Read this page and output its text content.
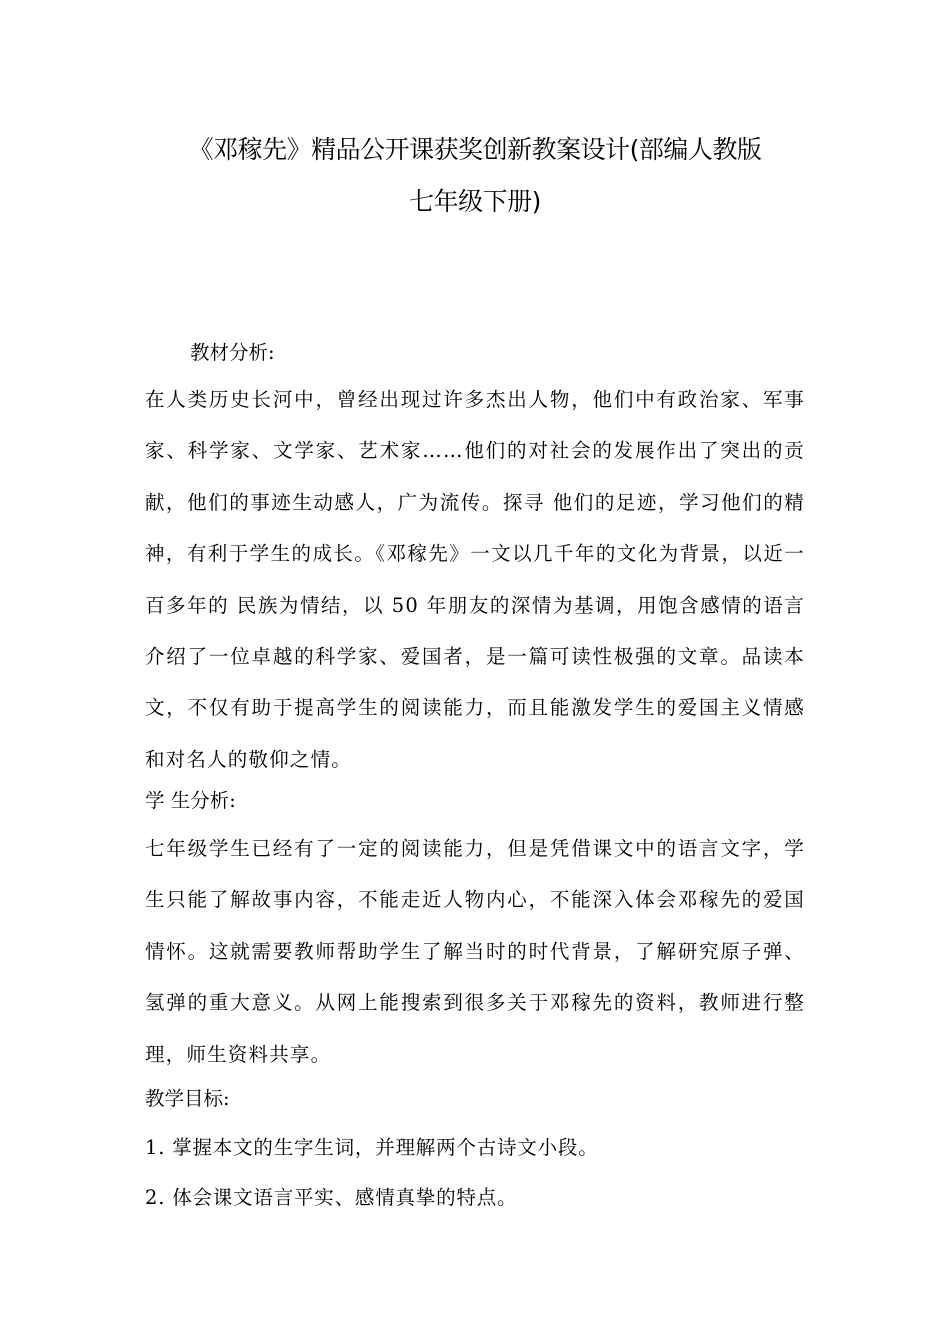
《邓稼先》精品公开课获奖创新教案设计(部编人教版
七年级下册)
教材分析:
在人类历史长河中，曾经出现过许多杰出人物，他们中有政治家、军事家、科学家、文学家、艺术家……他们的对社会的发展作出了突出的贡献，他们的事迹生动感人，广为流传。探寻 他们的足迹，学习他们的精神，有利于学生的成长。《邓稼先》一文以几千年的文化为背景，以近一百多年的 民族为情结，以 50 年朋友的深情为基调，用饱含感情的语言介绍了一位卓越的科学家、爱国者，是一篇可读性极强的文章。品读本文，不仅有助于提高学生的阅读能力，而且能激发学生的爱国主义情感和对名人的敬仰之情。
学 生分析:
七年级学生已经有了一定的阅读能力，但是凭借课文中的语言文字，学生只能了解故事内容，不能走近人物内心，不能深入体会邓稼先的爱国情怀。这就需要教师帮助学生了解当时的时代背景，了解研究原子弹、氢弹的重大意义。从网上能搜索到很多关于邓稼先的资料，教师进行整理，师生资料共享。
教学目标:
1. 掌握本文的生字生词，并理解两个古诗文小段。
2. 体会课文语言平实、感情真挚的特点。
